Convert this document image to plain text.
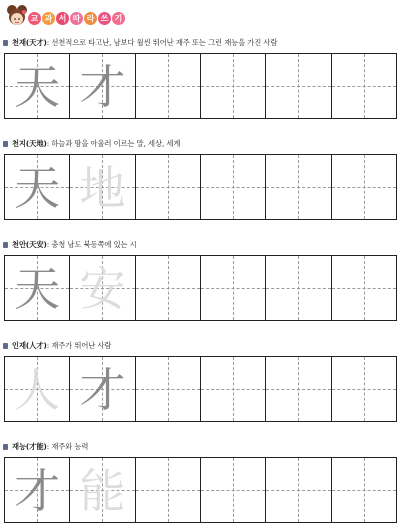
교 과 서 따 라 쓰 기
천재(天才) : 선천적으로 타고난, 남보다 월씬 뛰어난 재주 또는 그런 재능을 가진 사람
天 才
천지(天地) : 하늘과 땅을 아울러 이르는 말, 세상, 세계
天 地
천안(天安) : 충청 남도 북동쪽에 있는 시
天 安
인재(人才) : 재주가 뛰어난 사람
人 才
재능(才能) : 재주와 능력
才 能
